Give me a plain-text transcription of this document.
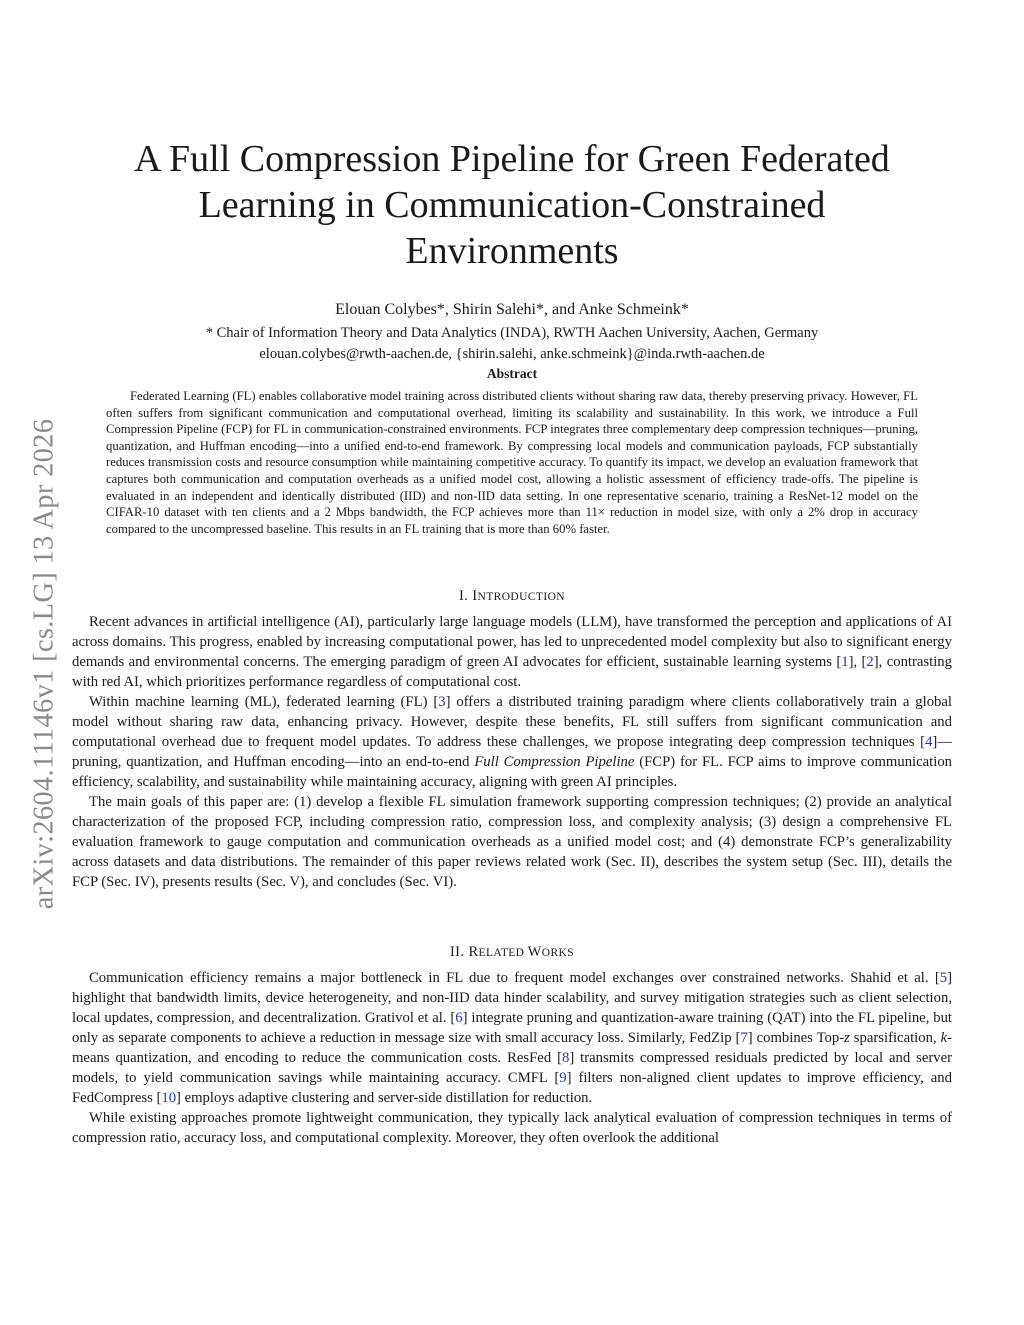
arXiv:2604.11146v1 [cs.LG] 13 Apr 2026
A Full Compression Pipeline for Green Federated
Learning in Communication-Constrained
Environments
Elouan Colybes*, Shirin Salehi*, and Anke Schmeink*
* Chair of Information Theory and Data Analytics (INDA), RWTH Aachen University, Aachen, Germany
elouan.colybes@rwth-aachen.de, {shirin.salehi, anke.schmeink}@inda.rwth-aachen.de
Abstract

Federated Learning (FL) enables collaborative model training across distributed clients without sharing raw data, thereby preserving privacy. However, FL often suffers from significant communication and computational overhead, limiting its scalability and sustainability. In this work, we introduce a Full Compression Pipeline (FCP) for FL in communication-constrained environments. FCP integrates three complementary deep compression techniques—pruning, quantization, and Huffman encoding—into a unified end-to-end framework. By compressing local models and communication payloads, FCP substantially reduces transmission costs and resource consumption while maintaining competitive accuracy. To quantify its impact, we develop an evaluation framework that captures both communication and computation overheads as a unified model cost, allowing a holistic assessment of efficiency trade-offs. The pipeline is evaluated in an independent and identically distributed (IID) and non-IID data setting. In one representative scenario, training a ResNet-12 model on the CIFAR-10 dataset with ten clients and a 2 Mbps bandwidth, the FCP achieves more than 11× reduction in model size, with only a 2% drop in accuracy compared to the uncompressed baseline. This results in an FL training that is more than 60% faster.

I. INTRODUCTION

Recent advances in artificial intelligence (AI), particularly large language models (LLM), have transformed the perception and applications of AI across domains. This progress, enabled by increasing computational power, has led to unprecedented model complexity but also to significant energy demands and environmental concerns. The emerging paradigm of green AI advocates for efficient, sustainable learning systems [1], [2], contrasting with red AI, which prioritizes performance regardless of computational cost.

Within machine learning (ML), federated learning (FL) [3] offers a distributed training paradigm where clients collaboratively train a global model without sharing raw data, enhancing privacy. However, despite these benefits, FL still suffers from significant communication and computational overhead due to frequent model updates. To address these challenges, we propose integrating deep compression techniques [4]—pruning, quantization, and Huffman encoding—into an end-to-end Full Compression Pipeline (FCP) for FL. FCP aims to improve communication efficiency, scalability, and sustainability while maintaining accuracy, aligning with green AI principles.

The main goals of this paper are: (1) develop a flexible FL simulation framework supporting compression techniques; (2) provide an analytical characterization of the proposed FCP, including compression ratio, compression loss, and complexity analysis; (3) design a comprehensive FL evaluation framework to gauge computation and communication overheads as a unified model cost; and (4) demonstrate FCP’s generalizability across datasets and data distributions. The remainder of this paper reviews related work (Sec. II), describes the system setup (Sec. III), details the FCP (Sec. IV), presents results (Sec. V), and concludes (Sec. VI).

II. RELATED WORKS

Communication efficiency remains a major bottleneck in FL due to frequent model exchanges over constrained networks. Shahid et al. [5] highlight that bandwidth limits, device heterogeneity, and non-IID data hinder scalability, and survey mitigation strategies such as client selection, local updates, compression, and decentralization. Grativol et al. [6] integrate pruning and quantization-aware training (QAT) into the FL pipeline, but only as separate components to achieve a reduction in message size with small accuracy loss. Similarly, FedZip [7] combines Top-z sparsification, k-means quantization, and encoding to reduce the communication costs. ResFed [8] transmits compressed residuals predicted by local and server models, to yield communication savings while maintaining accuracy. CMFL [9] filters non-aligned client updates to improve efficiency, and FedCompress [10] employs adaptive clustering and server-side distillation for reduction.

While existing approaches promote lightweight communication, they typically lack analytical evaluation of compression techniques in terms of compression ratio, accuracy loss, and computational complexity. Moreover, they often overlook the additional
